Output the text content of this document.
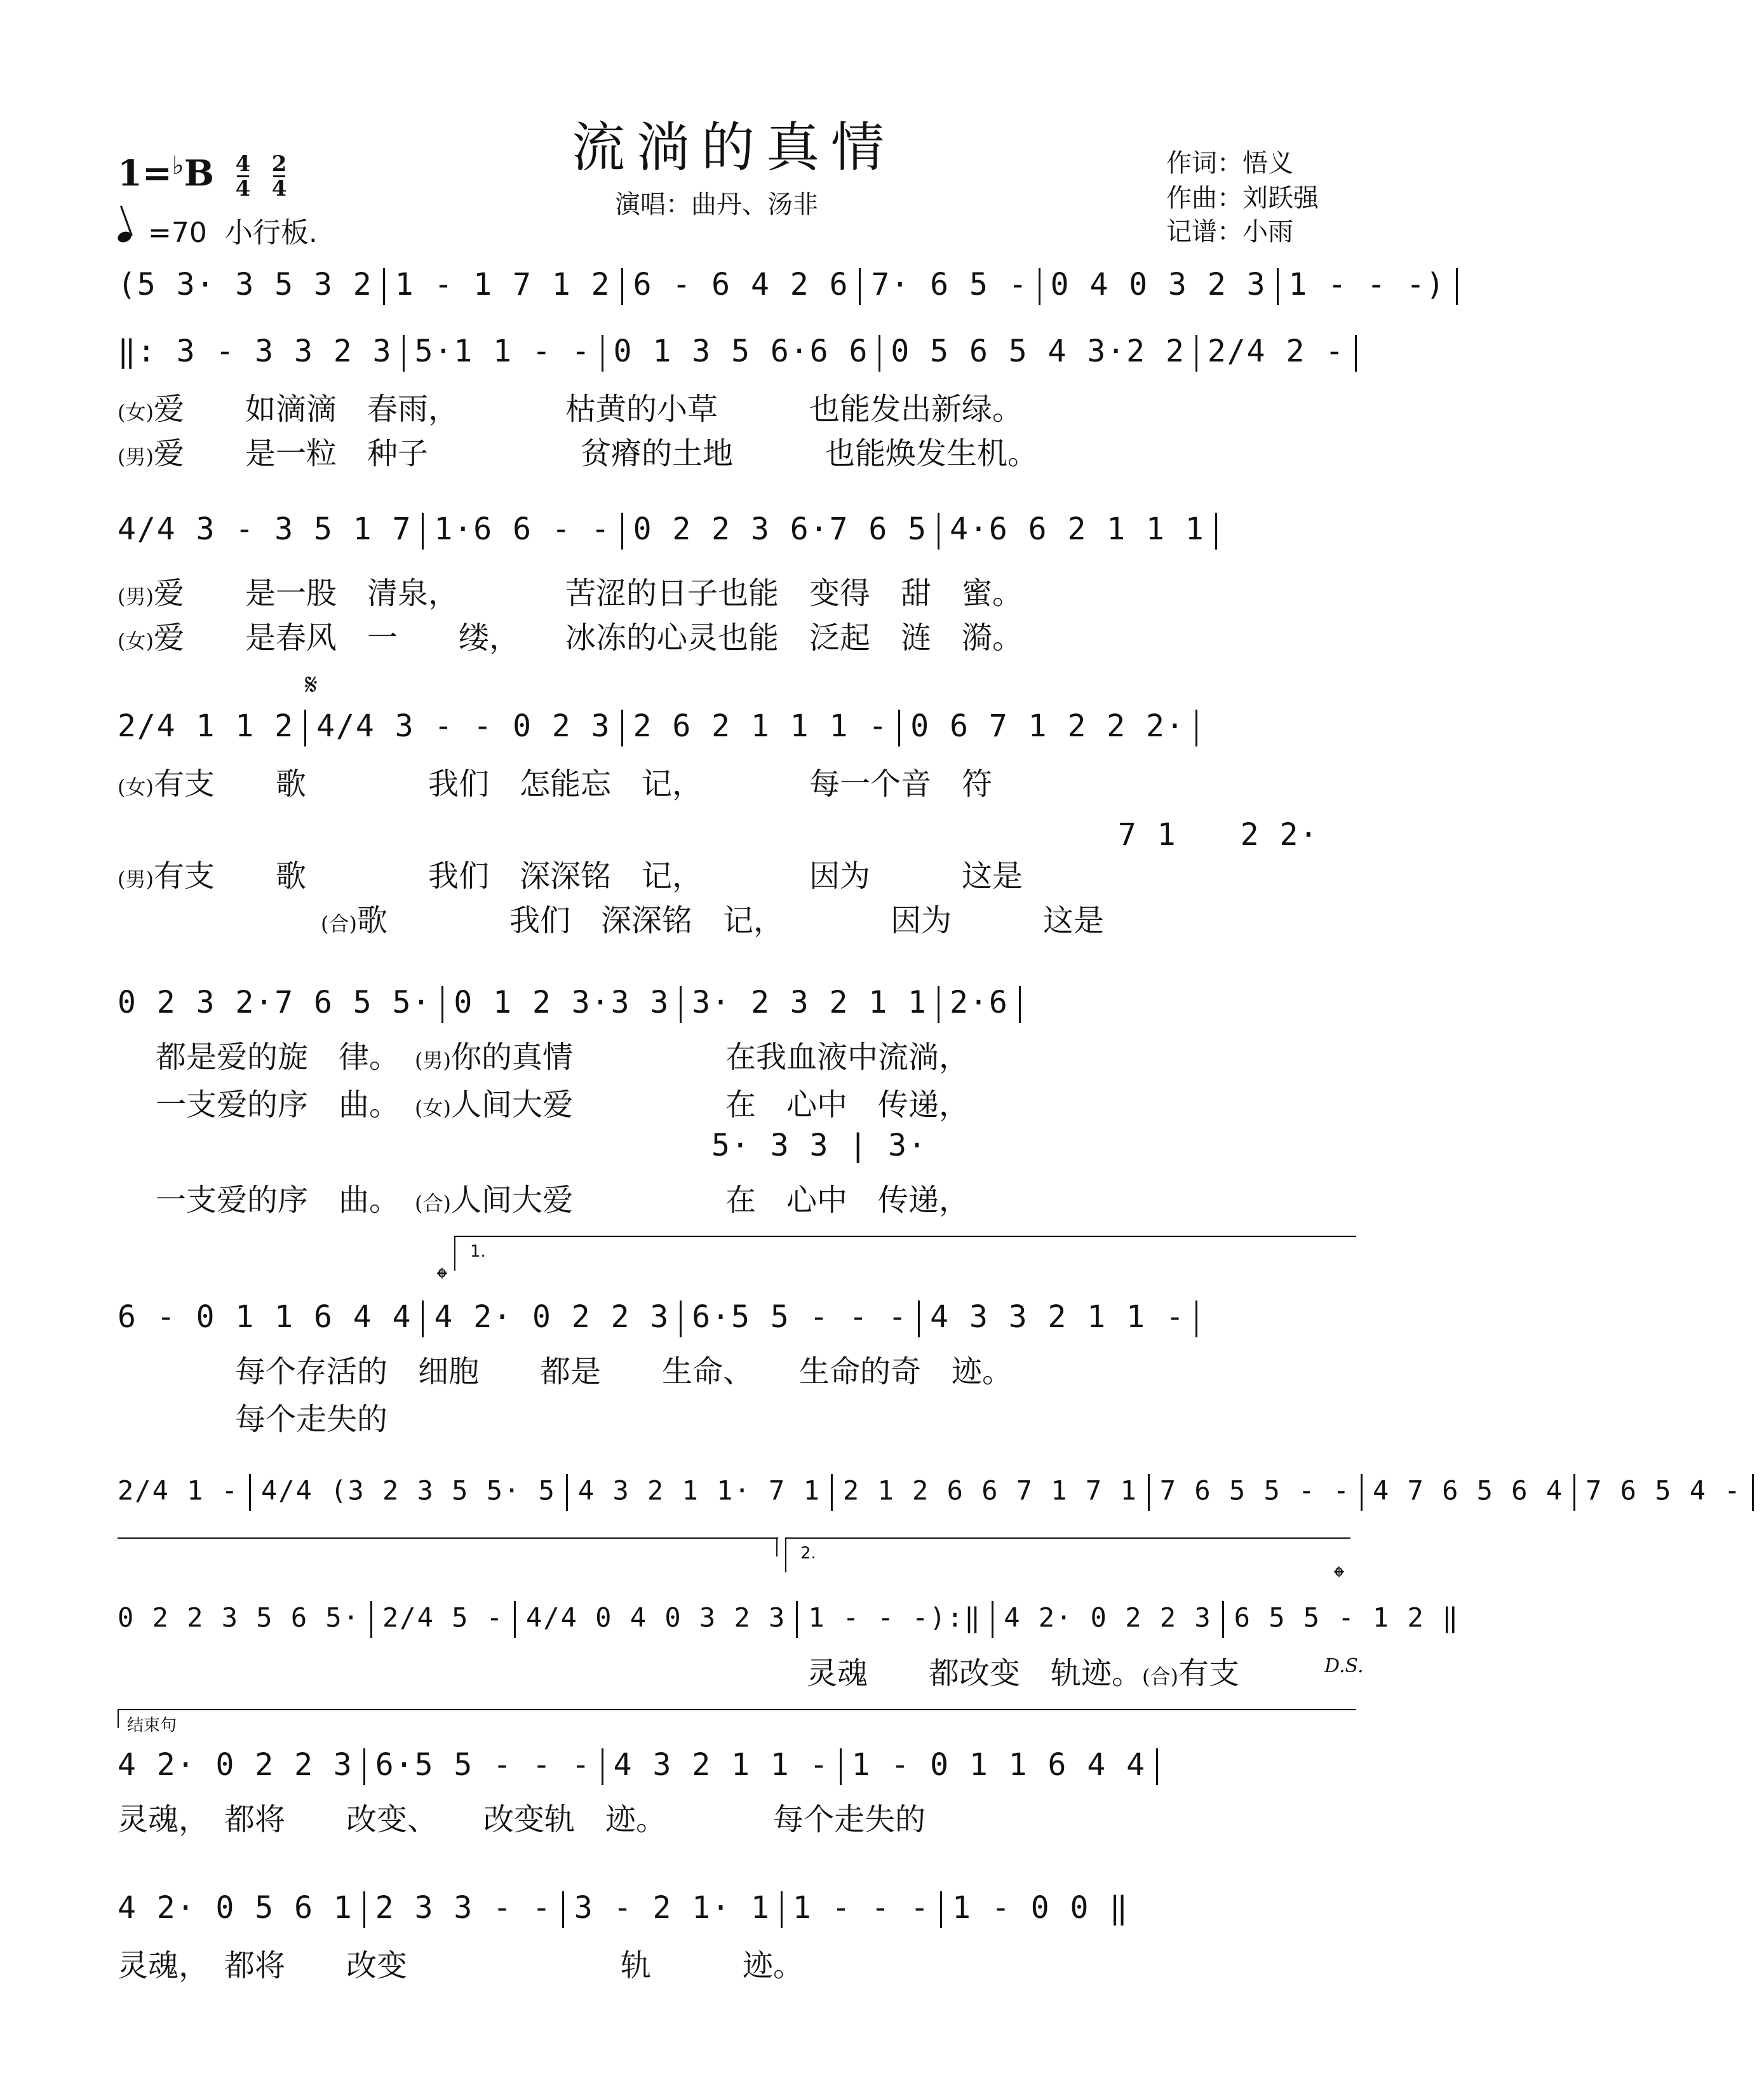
流淌的真情
演唱：曲丹、汤非
作词：悟义
作曲：刘跃强
记谱：小雨
$1=^♭B \frac{4}{4}$
$\frac{2}{4}$
=70 小行板.
(5 3· 3 5 3 2 1 - 1 7 1 2 6 - 6 4 2 6 7· 6 5 - 0 4 0 3 2 3 1 - - -)
‖: 3 - 3 3 2 3 5·1 1 - - 0 1 3 5 6·6 6 0 5 6 5 4 3·2 2 2/4 2 -
(女)爱　　如滴滴　春雨，　　　　枯黄的小草　　　也能发出新绿。
(男)爱　　是一粒　种子　　　　　贫瘠的土地　　　也能焕发生机。
4/4 3 - 3 5 1 7 1·6 6 - - 0 2 2 3 6·7 6 5 4·6 6 2 1 1 1
(男)爱　　是一股　清泉，　　　　苦涩的日子也能　变得　甜　蜜。
(女)爱　　是春风　一　　缕，　　冰冻的心灵也能　泛起　涟　漪。
𝄋
2/4 1 1 2 4/4 3 - - 0 2 3 2 6 2 1 1 1 - 0 6 7 1 2 2 2·
(女)有支　　歌　　　　我们　怎能忘　记，　　　　每一个音　符
7 1　　2 2·
(男)有支　　歌　　　　我们　深深铭　记，　　　　因为　　　这是
(合)歌　　　　我们　深深铭　记，　　　　因为　　　这是
0 2 3 2·7 6 5 5· 0 1 2 3·3 3 3· 2 3 2 1 1 2·6
都是爱的旋　律。　 (男)你的真情　　　　　在我血液中流淌，
一支爱的序　曲。　 (女)人间大爱　　　　　在　心中　传递，
5· 3 3 | 3·
一支爱的序　曲。　 (合)人间大爱　　　　　在　心中　传递，
1.
𝄌
6 - 0 1 1 6 4 4 4 2· 0 2 2 3 6·5 5 - - - 4 3 3 2 1 1 -
每个存活的　细胞　　都是　　生命、　　生命的奇　迹。
每个走失的
2/4 1 - 4/4 (3 2 3 5 5· 5 4 3 2 1 1· 7 1 2 1 2 6 6 7 1 7 1 7 6 5 5 - - 4 7 6 5 6 4 7 6 5 4 -
2.
𝄌
0 2 2 3 5 6 5· 2/4 5 - 4/4 0 4 0 3 2 3 1 - - -):‖ 4 2· 0 2 2 3 6 5 5 - 1 2 ‖
灵魂　　都改变　轨迹。(合)有支	D.S.
结束句
4 2· 0 2 2 3 6·5 5 - - - 4 3 2 1 1 - 1 - 0 1 1 6 4 4
灵魂，　都将　　改变、　　改变轨　迹。　　　　每个走失的
4 2· 0 5 6 1 2 3 3 - - 3 - 2 1· 1 1 - - - 1 - 0 0 ‖
灵魂，　都将　　改变　　　　　　　轨　　　迹。
